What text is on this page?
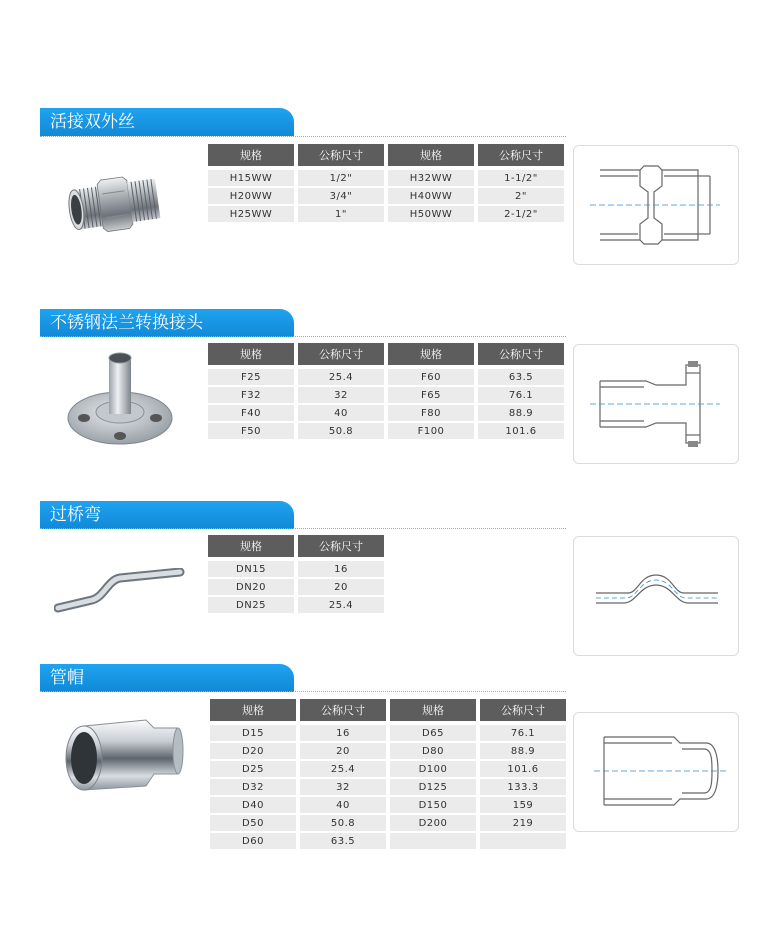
活接双外丝
规格	公称尺寸	规格	公称尺寸
H15WW	1/2"	H32WW	1-1/2"
H20WW	3/4"	H40WW	2"
H25WW	1"	H50WW	2-1/2"
不锈钢法兰转换接头
规格	公称尺寸	规格	公称尺寸
F25	25.4	F60	63.5
F32	32	F65	76.1
F40	40	F80	88.9
F50	50.8	F100	101.6
过桥弯
规格	公称尺寸
DN15	16
DN20	20
DN25	25.4
管帽
规格	公称尺寸	规格	公称尺寸
D15	16	D65	76.1
D20	20	D80	88.9
D25	25.4	D100	101.6
D32	32	D125	133.3
D40	40	D150	159
D50	50.8	D200	219
D60	63.5		
